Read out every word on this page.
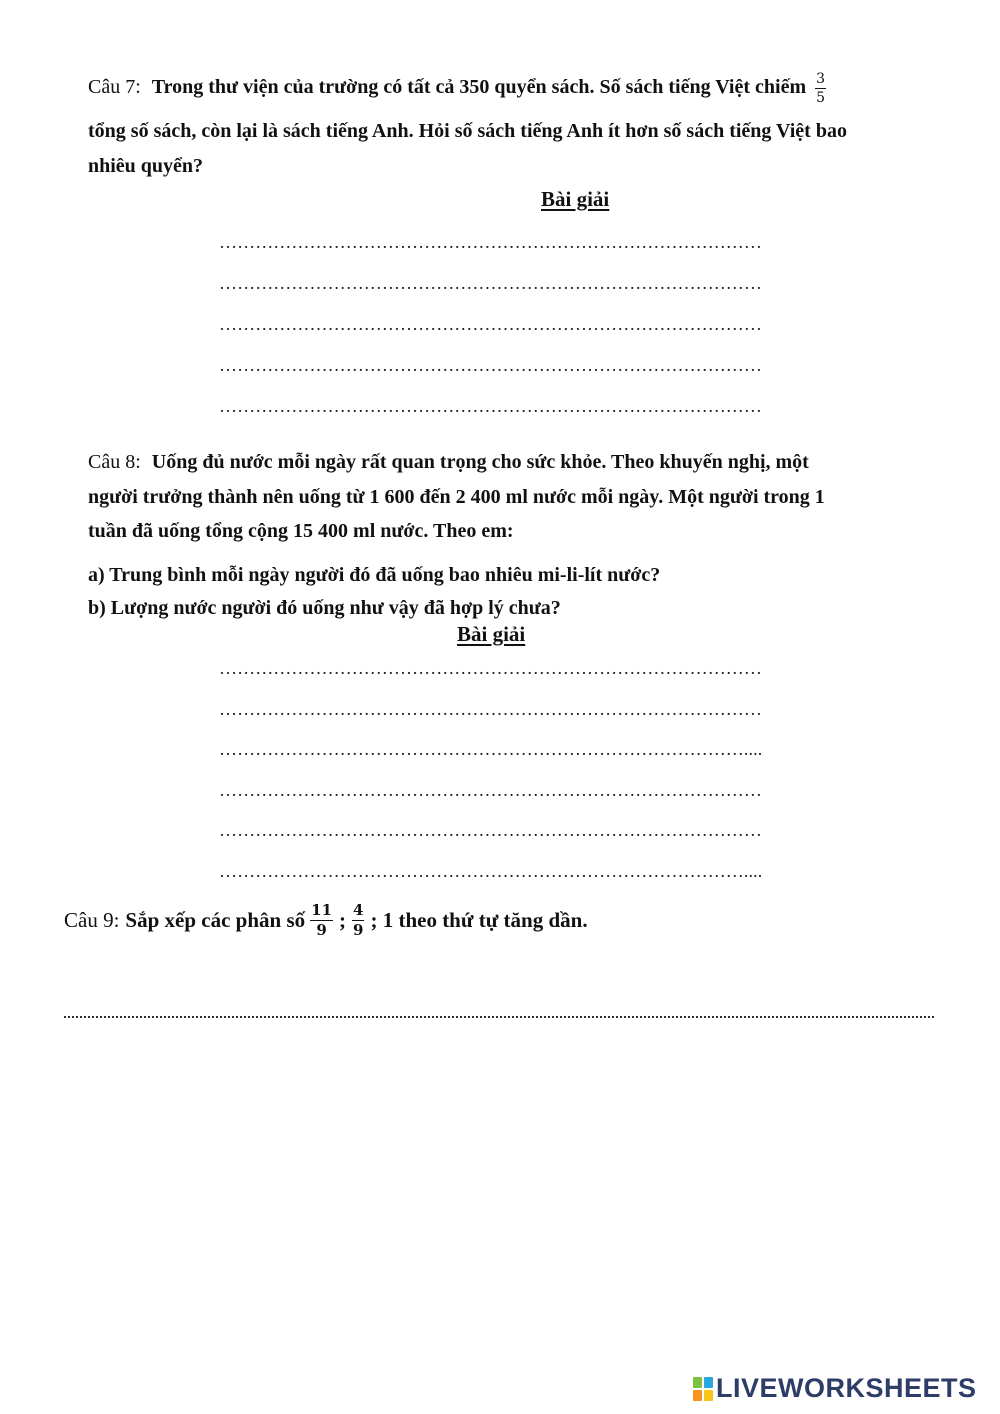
Câu 7: Trong thư viện của trường có tất cả 350 quyển sách. Số sách tiếng Việt chiếm $\frac{3}{5}$
tổng số sách, còn lại là sách tiếng Anh. Hỏi số sách tiếng Anh ít hơn số sách tiếng Việt bao
nhiêu quyển?
Bài giải
………………………………………………………………………………
………………………………………………………………………………
………………………………………………………………………………
………………………………………………………………………………
………………………………………………………………………………
Câu 8: Uống đủ nước mỗi ngày rất quan trọng cho sức khỏe. Theo khuyến nghị, một
người trưởng thành nên uống từ 1 600 đến 2 400 ml nước mỗi ngày. Một người trong 1
tuần đã uống tổng cộng 15 400 ml nước. Theo em:
a) Trung bình mỗi ngày người đó đã uống bao nhiêu mi-li-lít nước?
b) Lượng nước người đó uống như vậy đã hợp lý chưa?
Bài giải
………………………………………………………………………………
………………………………………………………………………………
……………………………………………………………………………....
………………………………………………………………………………
………………………………………………………………………………
……………………………………………………………………………....
Câu 9: Sắp xếp các phân số $\frac{11}{9}$ ; $\frac{4}{9}$ ; 1 theo thứ tự tăng dần.
LIVEWORKSHEETS
